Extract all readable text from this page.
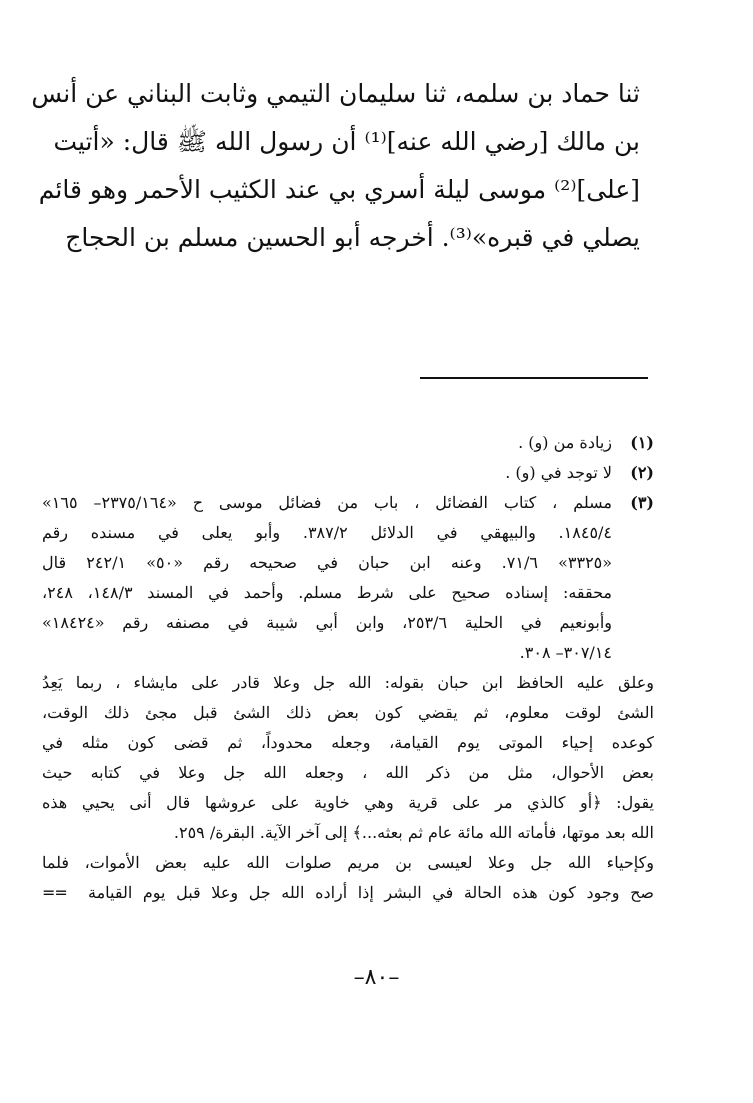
ثنا حماد بن سلمه، ثنا سليمان التيمي وثابت البناني عن أنس
بن مالك [رضي الله عنه]⁽¹⁾ أن رسول الله ﷺ قال: «أتيت
[على]⁽²⁾ موسى ليلة أسري بي عند الكثيب الأحمر وهو قائم
يصلي في قبره»⁽³⁾. أخرجه أبو الحسين مسلم بن الحجاج
(١)
زيادة من (و) .
(٢)
لا توجد في (و) .
(٣)
مسلم ، كتاب الفضائل ، باب من فضائل موسى ح «٢٣٧٥/١٦٤– ١٦٥»
١٨٤٥/٤. والبيهقي في الدلائل ٣٨٧/٢. وأبو يعلى في مسنده رقم
«٣٣٢٥» ٧١/٦. وعنه ابن حبان في صحيحه رقم «٥٠» ٢٤٢/١ قال
محققه: إسناده صحيح على شرط مسلم. وأحمد في المسند ١٤٨/٣، ٢٤٨،
وأبونعيم في الحلية ٢٥٣/٦، وابن أبي شيبة في مصنفه رقم «١٨٤٢٤»
٣٠٧/١٤– ٣٠٨.
وعلق عليه الحافظ ابن حبان بقوله: الله جل وعلا قادر على مايشاء ، ربما يَعِدُ
الشئ لوقت معلوم، ثم يقضي كون بعض ذلك الشئ قبل مجئ ذلك الوقت،
كوعده إحياء الموتى يوم القيامة، وجعله محدوداً، ثم قضى كون مثله في
بعض الأحوال، مثل من ذكر الله ، وجعله الله جل وعلا في كتابه حيث
يقول: ﴿أو كالذي مر على قرية وهي خاوية على عروشها قال أنى يحيي هذه
الله بعد موتها، فأماته الله مائة عام ثم بعثه...﴾ إلى آخر الآية. البقرة/ ٢٥٩.
وكإحياء الله جل وعلا لعيسى بن مريم صلوات الله عليه بعض الأموات، فلما
صح وجود كون هذه الحالة في البشر إذا أراده الله جل وعلا قبل يوم القيامة
==
–٨٠–
